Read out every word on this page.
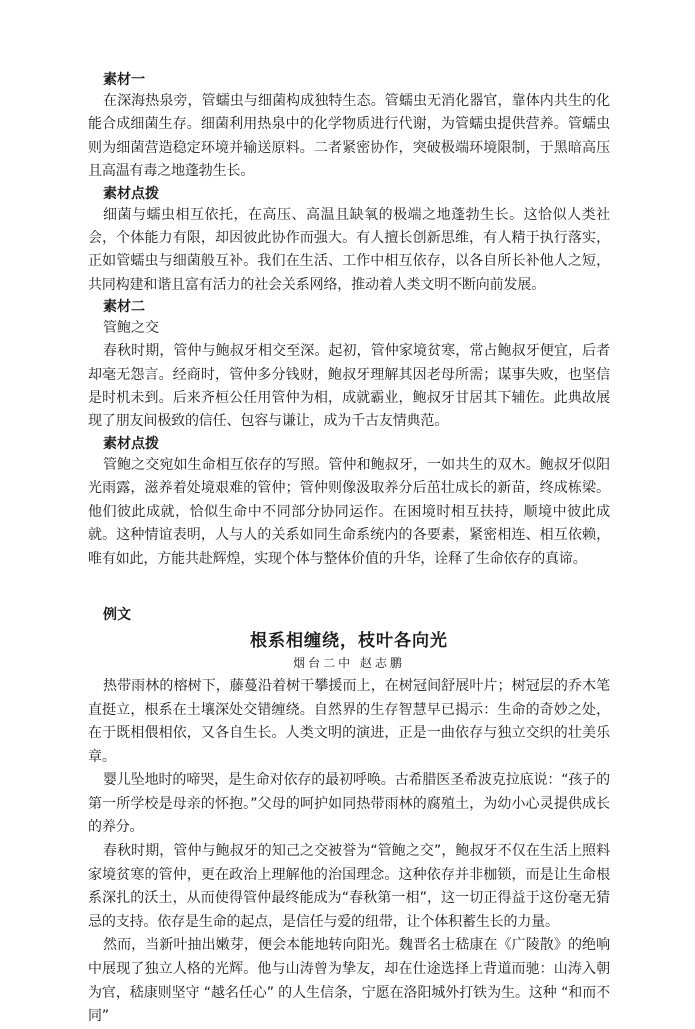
素材一

在深海热泉旁，管蠕虫与细菌构成独特生态。管蠕虫无消化器官，靠体内共生的化能合成细菌生存。细菌利用热泉中的化学物质进行代谢，为管蠕虫提供营养。管蠕虫则为细菌营造稳定环境并输送原料。二者紧密协作，突破极端环境限制，于黑暗高压且高温有毒之地蓬勃生长。

素材点拨

细菌与蠕虫相互依托，在高压、高温且缺氧的极端之地蓬勃生长。这恰似人类社会，个体能力有限，却因彼此协作而强大。有人擅长创新思维，有人精于执行落实，正如管蠕虫与细菌般互补。我们在生活、工作中相互依存，以各自所长补他人之短，共同构建和谐且富有活力的社会关系网络，推动着人类文明不断向前发展。

素材二

管鲍之交

春秋时期，管仲与鲍叔牙相交至深。起初，管仲家境贫寒，常占鲍叔牙便宜，后者却毫无怨言。经商时，管仲多分钱财，鲍叔牙理解其因老母所需；谋事失败，也坚信是时机未到。后来齐桓公任用管仲为相，成就霸业，鲍叔牙甘居其下辅佐。此典故展现了朋友间极致的信任、包容与谦让，成为千古友情典范。

素材点拨

管鲍之交宛如生命相互依存的写照。管仲和鲍叔牙，一如共生的双木。鲍叔牙似阳光雨露，滋养着处境艰难的管仲；管仲则像汲取养分后茁壮成长的新苗，终成栋梁。他们彼此成就，恰似生命中不同部分协同运作。在困境时相互扶持，顺境中彼此成就。这种情谊表明，人与人的关系如同生命系统内的各要素，紧密相连、相互依赖，唯有如此，方能共赴辉煌，实现个体与整体价值的升华，诠释了生命依存的真谛。

例文
根系相缠绕，枝叶各向光
烟台二中 赵志鹏

热带雨林的榕树下，藤蔓沿着树干攀援而上，在树冠间舒展叶片；树冠层的乔木笔直挺立，根系在土壤深处交错缠绕。自然界的生存智慧早已揭示：生命的奇妙之处，在于既相偎相依，又各自生长。人类文明的演进，正是一曲依存与独立交织的壮美乐章。

婴儿坠地时的啼哭，是生命对依存的最初呼唤。古希腊医圣希波克拉底说：“孩子的第一所学校是母亲的怀抱。”父母的呵护如同热带雨林的腐殖土，为幼小心灵提供成长的养分。

春秋时期，管仲与鲍叔牙的知己之交被誉为“管鲍之交”，鲍叔牙不仅在生活上照料家境贫寒的管仲，更在政治上理解他的治国理念。这种依存并非枷锁，而是让生命根系深扎的沃土，从而使得管仲最终能成为“春秋第一相”，这一切正得益于这份毫无猜忌的支持。依存是生命的起点，是信任与爱的纽带，让个体积蓄生长的力量。

然而，当新叶抽出嫩芽，便会本能地转向阳光。魏晋名士嵇康在《广陵散》的绝响中展现了独立人格的光辉。他与山涛曾为挚友，却在仕途选择上背道而驰：山涛入朝为官，嵇康则坚守 “越名任心” 的人生信条，宁愿在洛阳城外打铁为生。这种 “和而不同”
